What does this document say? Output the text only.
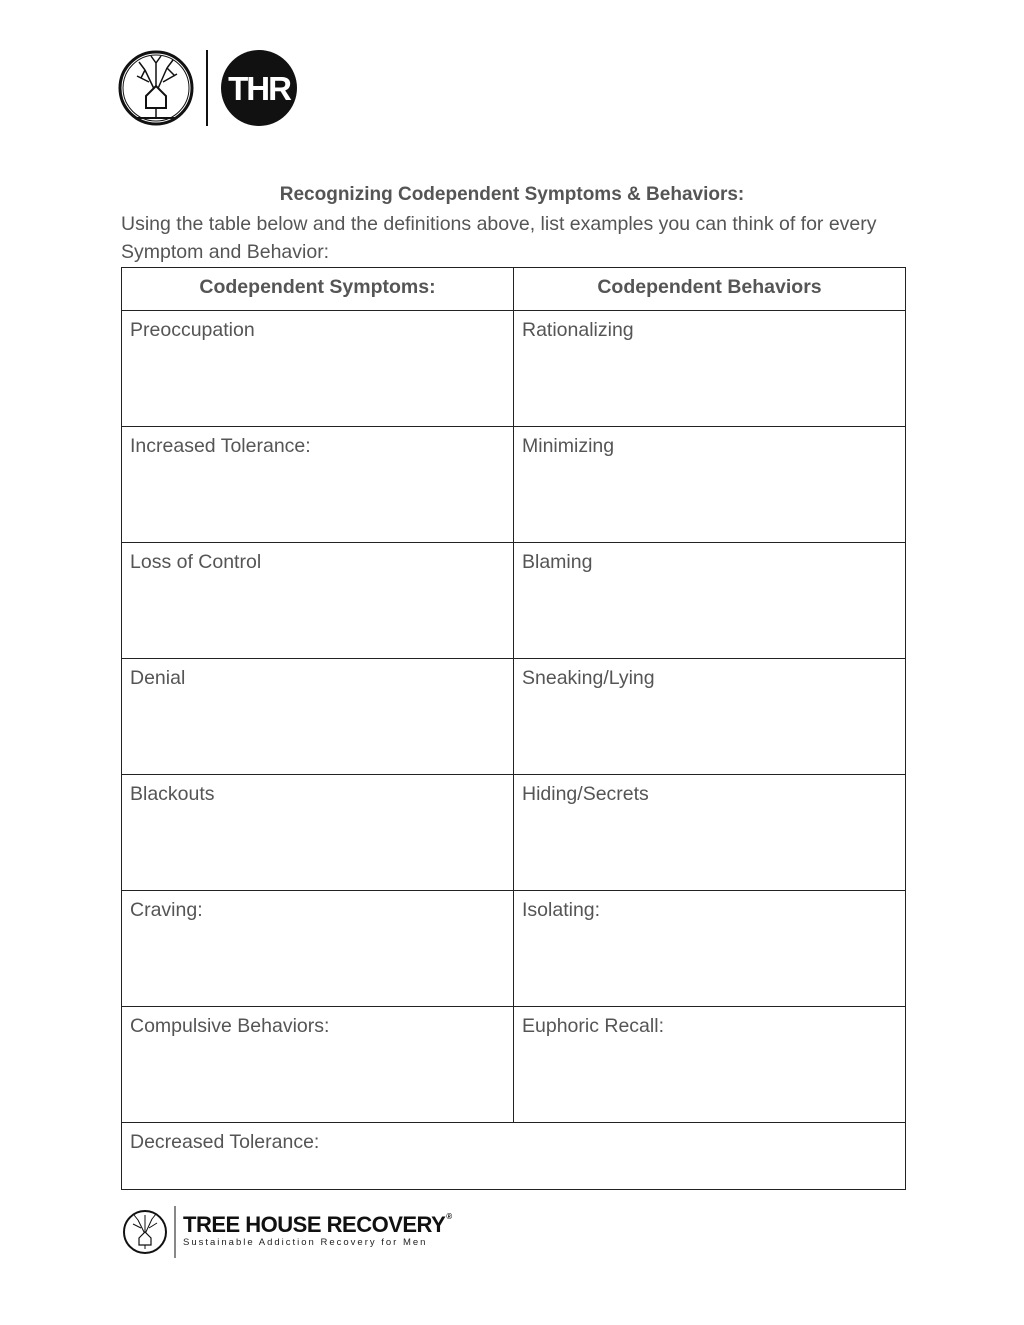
THR
Recognizing Codependent Symptoms & Behaviors:
Using the table below and the definitions above, list examples you can think of for every Symptom and Behavior:
Codependent Symptoms:	Codependent Behaviors
Preoccupation	Rationalizing
Increased Tolerance:	Minimizing
Loss of Control	Blaming
Denial	Sneaking/Lying
Blackouts	Hiding/Secrets
Craving:	Isolating:
Compulsive Behaviors:	Euphoric Recall:
Decreased Tolerance:	
TREE HOUSE RECOVERY®
Sustainable Addiction Recovery for Men
